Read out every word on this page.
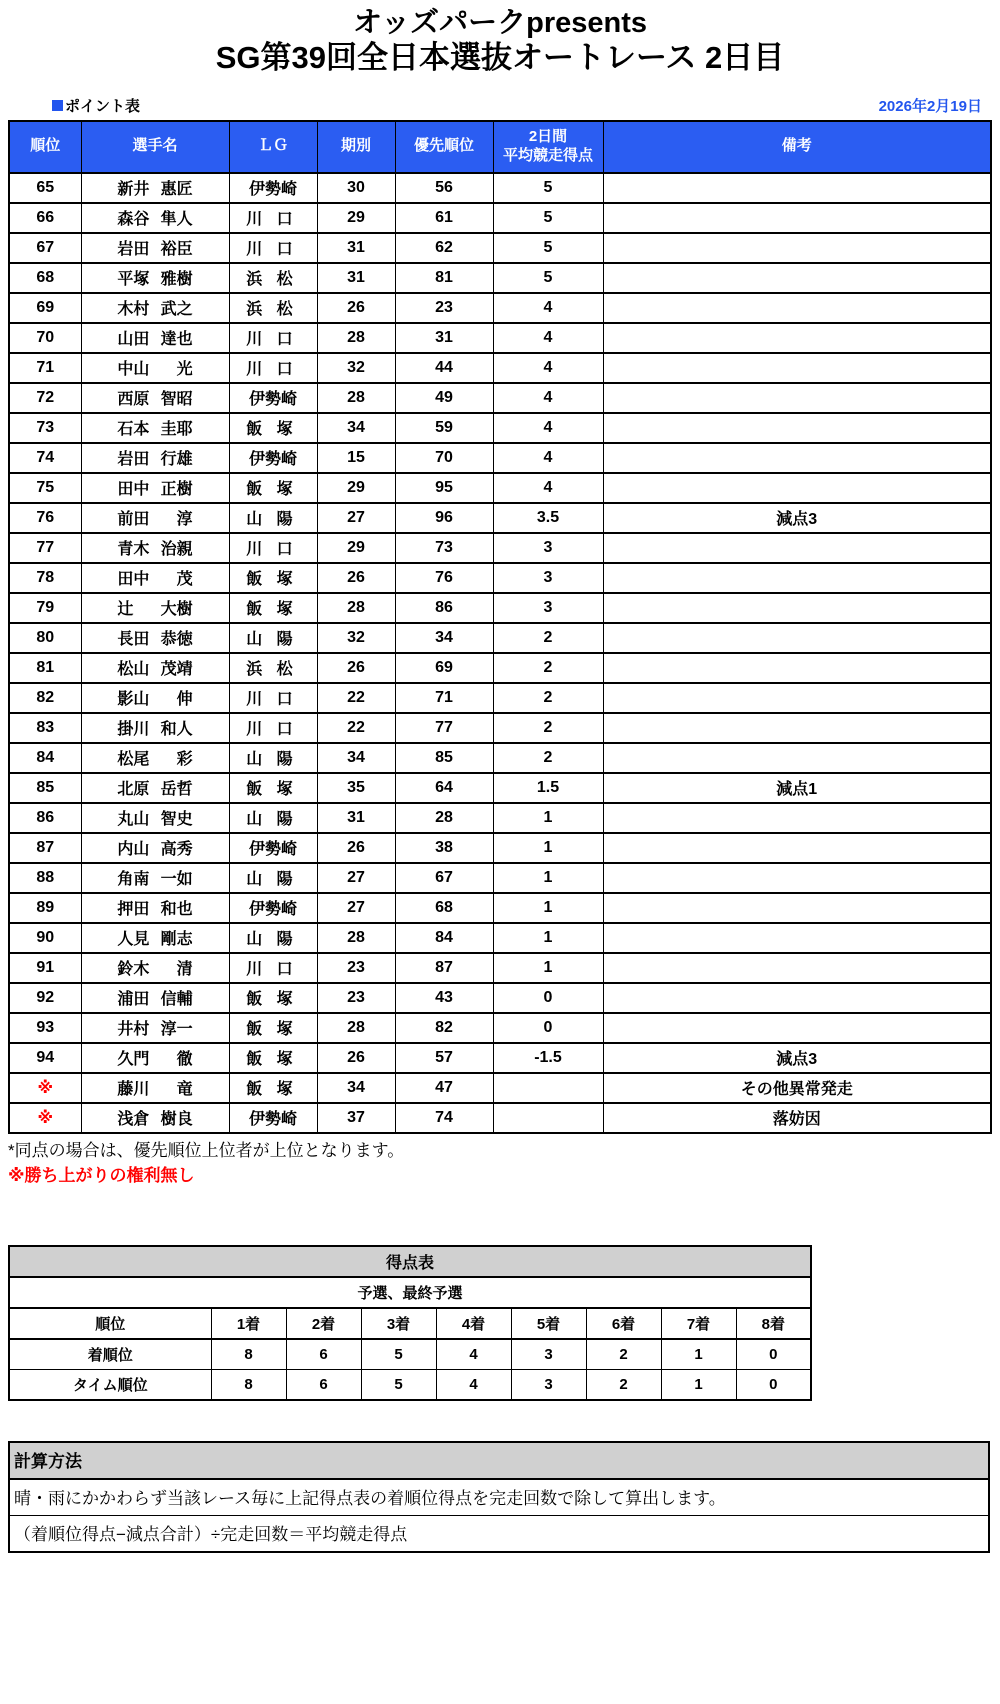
オッズパークpresents
SG第39回全日本選抜オートレース 2日目
ポイント表	2026年2月19日
順位	選手名	ＬＧ	期別	優先順位	2日間
平均競走得点	備考
65	新井 惠匠	伊勢崎	30	56	5	
66	森谷 隼人	川口	29	61	5	
67	岩田 裕臣	川口	31	62	5	
68	平塚 雅樹	浜松	31	81	5	
69	木村 武之	浜松	26	23	4	
70	山田 達也	川口	28	31	4	
71	中山 光	川口	32	44	4	
72	西原 智昭	伊勢崎	28	49	4	
73	石本 圭耶	飯塚	34	59	4	
74	岩田 行雄	伊勢崎	15	70	4	
75	田中 正樹	飯塚	29	95	4	
76	前田 淳	山陽	27	96	3.5	減点3
77	青木 治親	川口	29	73	3	
78	田中 茂	飯塚	26	76	3	
79	辻 大樹	飯塚	28	86	3	
80	長田 恭徳	山陽	32	34	2	
81	松山 茂靖	浜松	26	69	2	
82	影山 伸	川口	22	71	2	
83	掛川 和人	川口	22	77	2	
84	松尾 彩	山陽	34	85	2	
85	北原 岳哲	飯塚	35	64	1.5	減点1
86	丸山 智史	山陽	31	28	1	
87	内山 高秀	伊勢崎	26	38	1	
88	角南 一如	山陽	27	67	1	
89	押田 和也	伊勢崎	27	68	1	
90	人見 剛志	山陽	28	84	1	
91	鈴木 清	川口	23	87	1	
92	浦田 信輔	飯塚	23	43	0	
93	井村 淳一	飯塚	28	82	0	
94	久門 徹	飯塚	26	57	-1.5	減点3
※	藤川 竜	飯塚	34	47		その他異常発走
※	浅倉 樹良	伊勢崎	37	74		落妨因
*同点の場合は、優先順位上位者が上位となります。
※勝ち上がりの権利無し
得点表								
予選、最終予選								
順位	1着	2着	3着	4着	5着	6着	7着	8着
着順位	8	6	5	4	3	2	1	0
タイム順位	8	6	5	4	3	2	1	0
計算方法
晴・雨にかかわらず当該レース毎に上記得点表の着順位得点を完走回数で除して算出します。
（着順位得点−減点合計）÷完走回数＝平均競走得点
